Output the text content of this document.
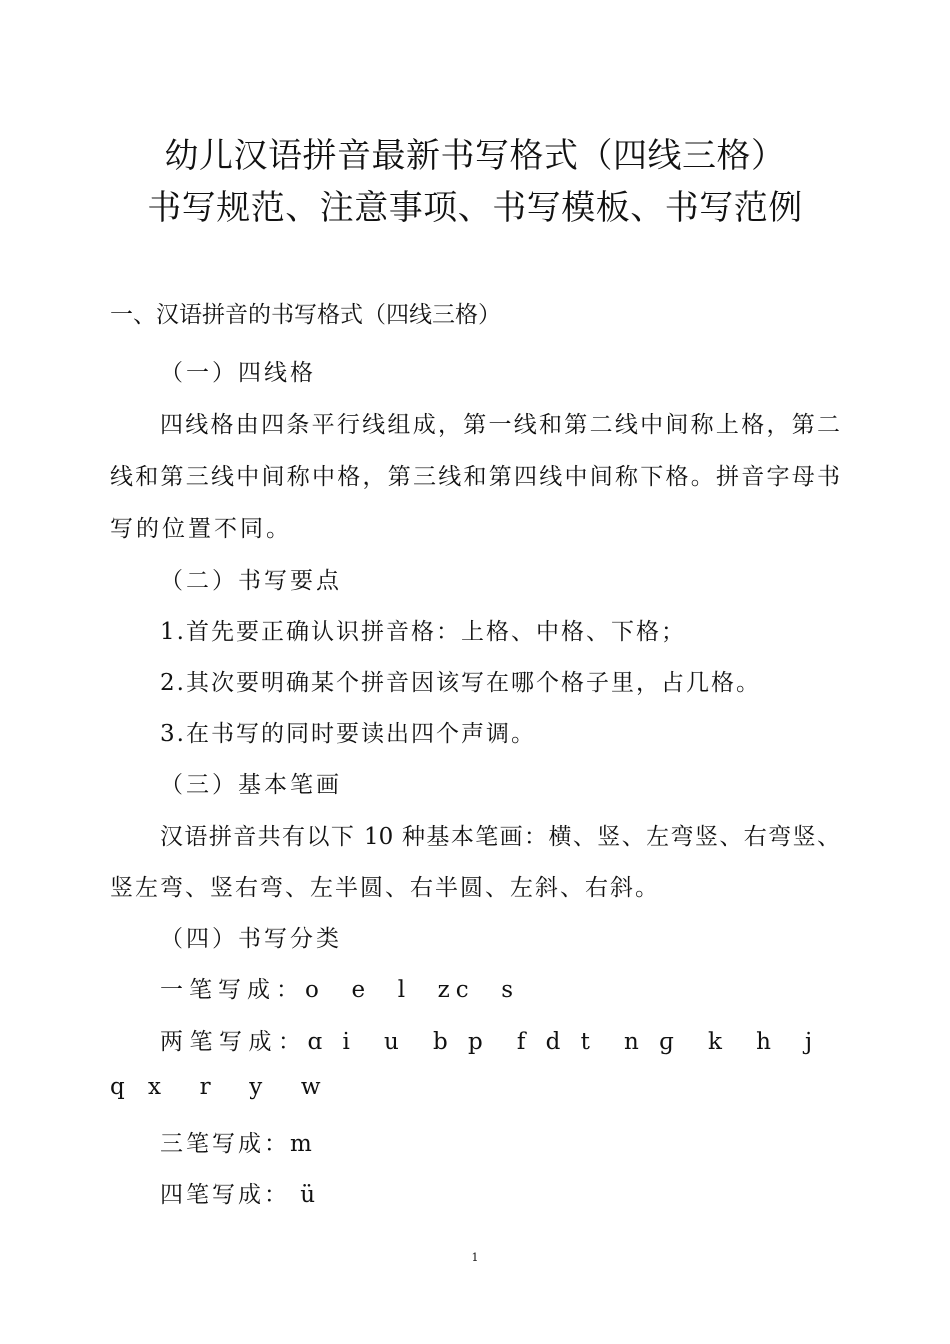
幼儿汉语拼音最新书写格式（四线三格）
书写规范、注意事项、书写模板、书写范例
一、汉语拼音的书写格式（四线三格）
（一）四线格
四线格由四条平行线组成，第一线和第二线中间称上格，第二
线和第三线中间称中格，第三线和第四线中间称下格。拼音字母书
写的位置不同。
（二）书写要点
1.首先要正确认识拼音格：上格、中格、下格；
2.其次要明确某个拼音因该写在哪个格子里，占几格。
3.在书写的同时要读出四个声调。
（三）基本笔画
汉语拼音共有以下 10 种基本笔画：横、竖、左弯竖、右弯竖、
竖左弯、竖右弯、左半圆、右半圆、左斜、右斜。
（四）书写分类
一笔写成：o  e  l  zc  s
两笔写成：ɑ i  u  b p  f d t  n ɡ  k  h  j
q x  r  y  w
三笔写成：m
四笔写成： ü
1
